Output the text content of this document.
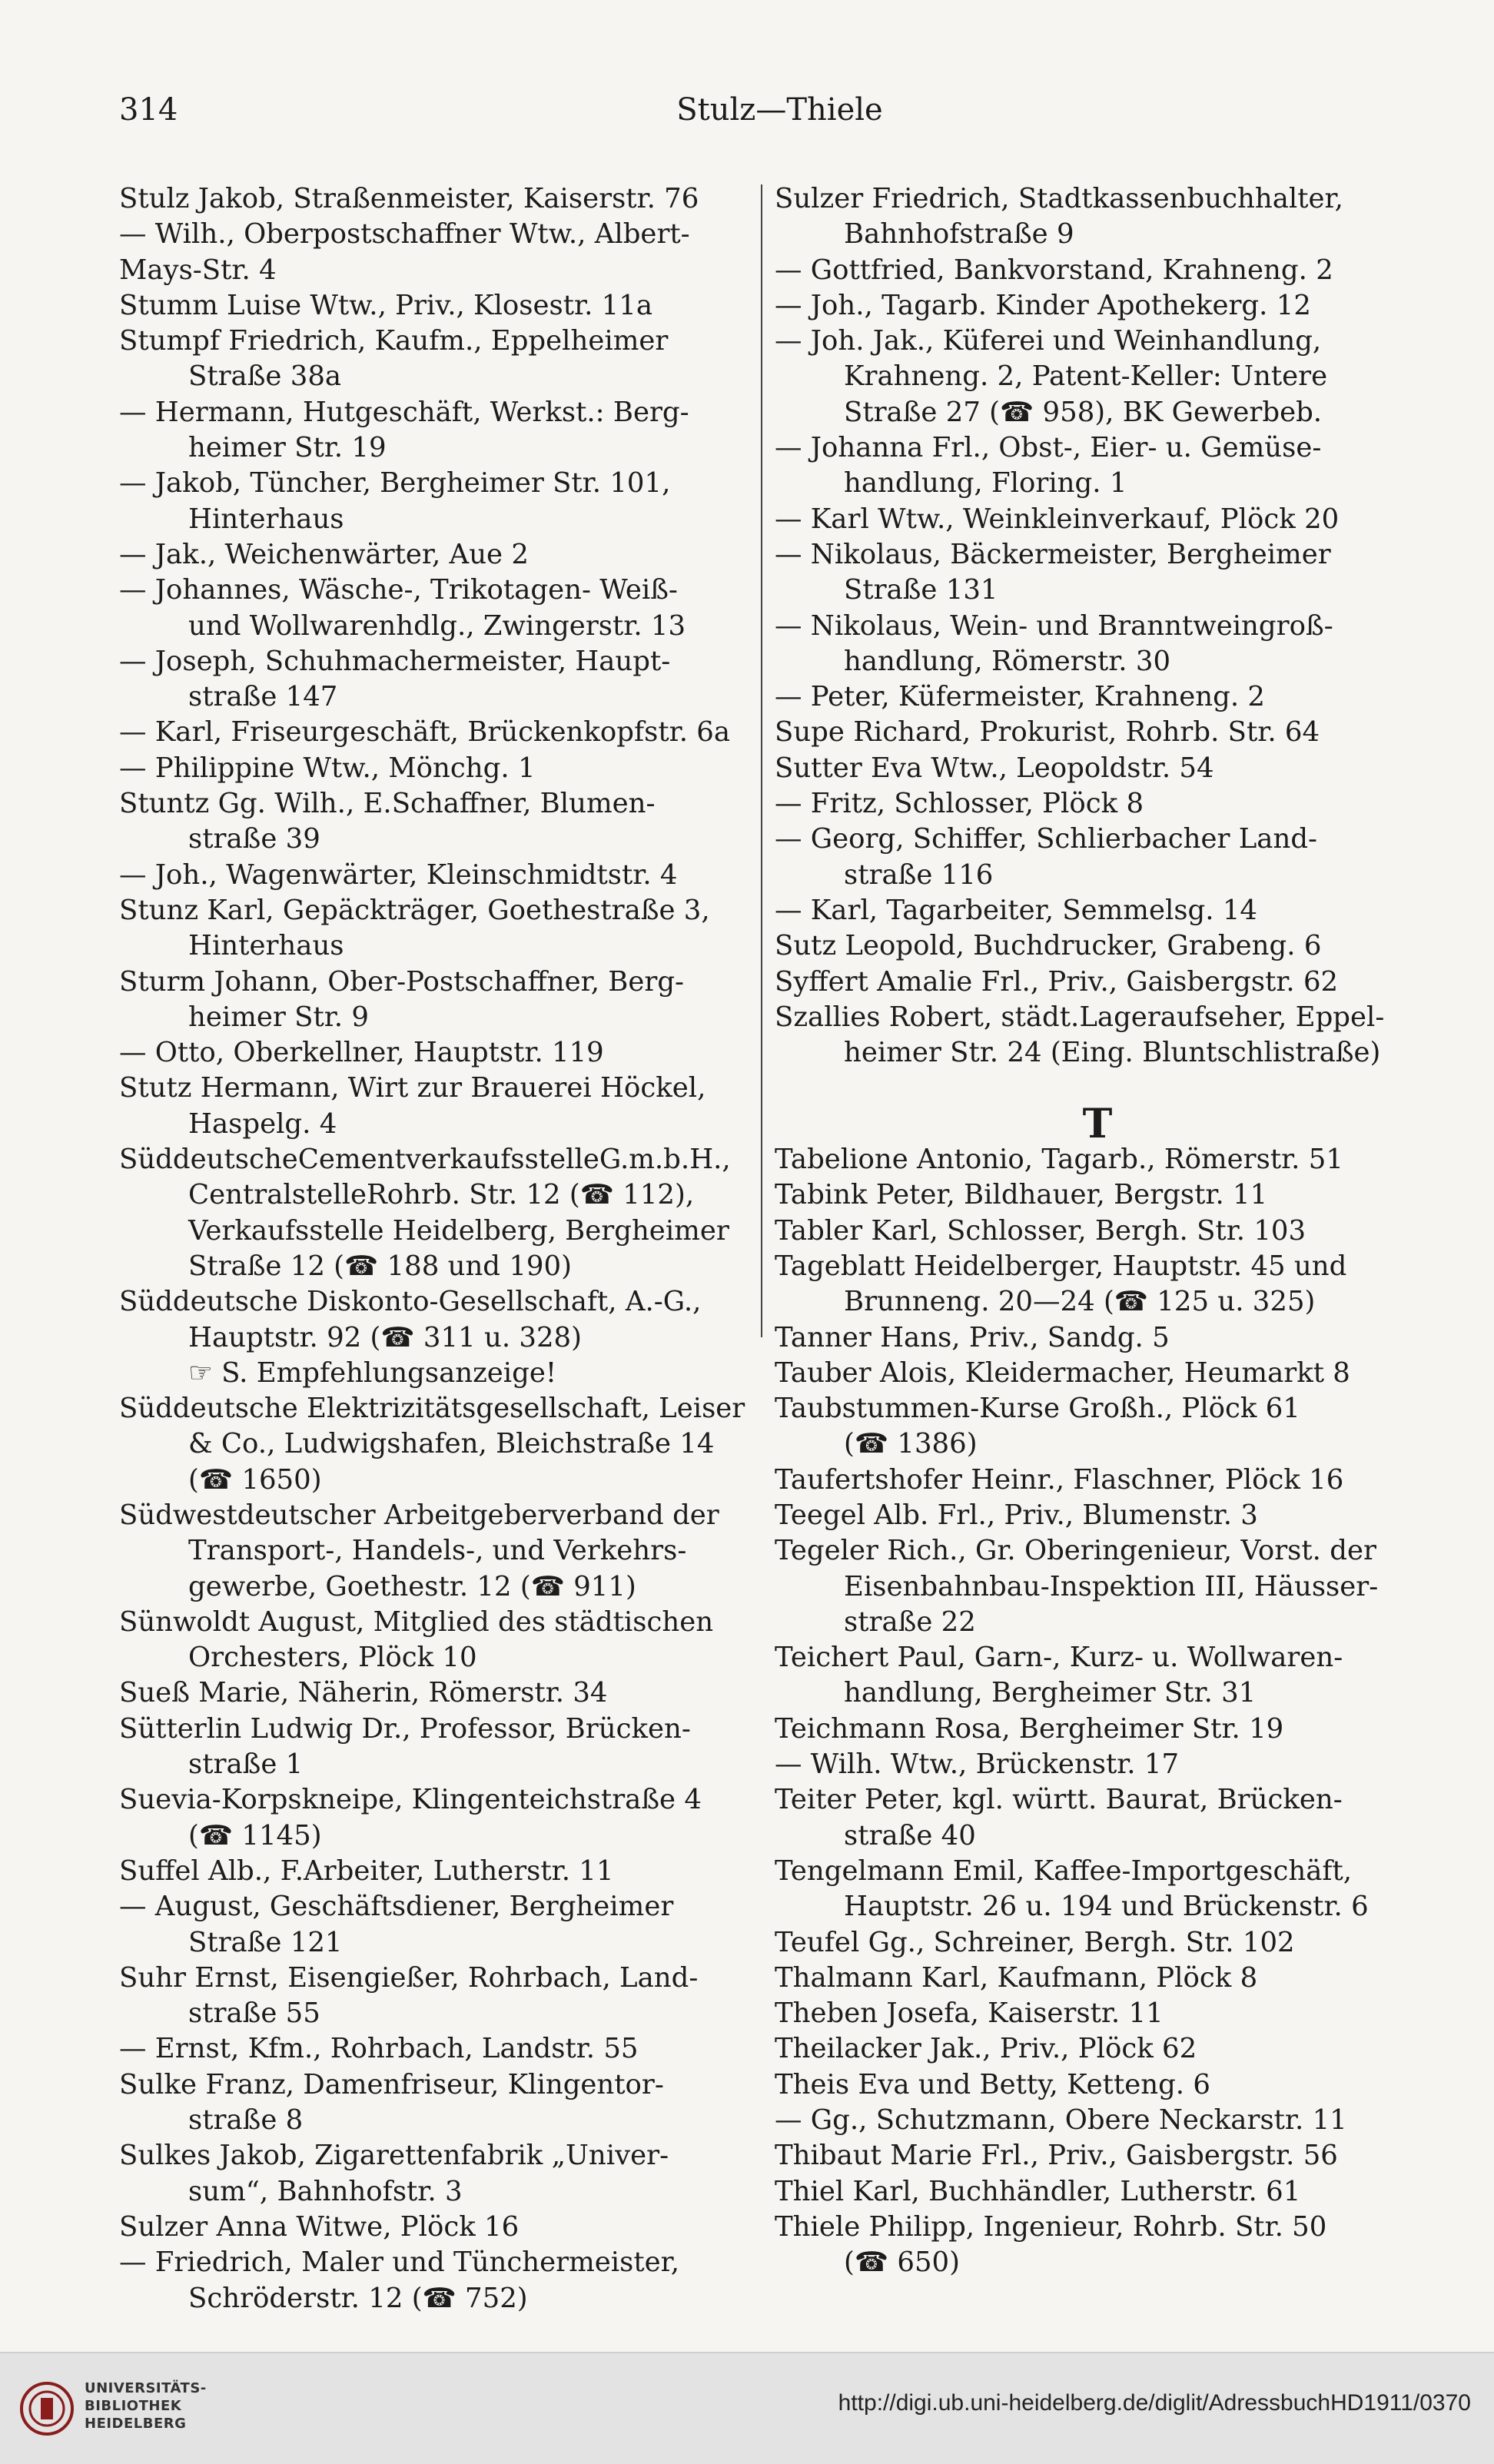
314	Stulz—Thiele
Stulz Jakob, Straßenmeister, Kaiserstr. 76
— Wilh., Oberpostschaffner Wtw., Albert-
Mays-Str. 4
Stumm Luise Wtw., Priv., Klosestr. 11a
Stumpf Friedrich, Kaufm., Eppelheimer
Straße 38a
— Hermann, Hutgeschäft, Werkst.: Berg-
heimer Str. 19
— Jakob, Tüncher, Bergheimer Str. 101,
Hinterhaus
— Jak., Weichenwärter, Aue 2
— Johannes, Wäsche-, Trikotagen- Weiß-
und Wollwarenhdlg., Zwingerstr. 13
— Joseph, Schuhmachermeister, Haupt-
straße 147
— Karl, Friseurgeschäft, Brückenkopfstr. 6a
— Philippine Wtw., Mönchg. 1
Stuntz Gg. Wilh., E.Schaffner, Blumen-
straße 39
— Joh., Wagenwärter, Kleinschmidtstr. 4
Stunz Karl, Gepäckträger, Goethestraße 3,
Hinterhaus
Sturm Johann, Ober-Postschaffner, Berg-
heimer Str. 9
— Otto, Oberkellner, Hauptstr. 119
Stutz Hermann, Wirt zur Brauerei Höckel,
Haspelg. 4
SüddeutscheCementverkaufsstelleG.m.b.H.,
CentralstelleRohrb. Str. 12 (☎ 112),
Verkaufsstelle Heidelberg, Bergheimer
Straße 12 (☎ 188 und 190)
Süddeutsche Diskonto-Gesellschaft, A.-G.,
Hauptstr. 92 (☎ 311 u. 328)
☞ S. Empfehlungsanzeige!
Süddeutsche Elektrizitätsgesellschaft, Leiser
& Co., Ludwigshafen, Bleichstraße 14
(☎ 1650)
Südwestdeutscher Arbeitgeberverband der
Transport-, Handels-, und Verkehrs-
gewerbe, Goethestr. 12 (☎ 911)
Sünwoldt August, Mitglied des städtischen
Orchesters, Plöck 10
Sueß Marie, Näherin, Römerstr. 34
Sütterlin Ludwig Dr., Professor, Brücken-
straße 1
Suevia-Korpskneipe, Klingenteichstraße 4
(☎ 1145)
Suffel Alb., F.Arbeiter, Lutherstr. 11
— August, Geschäftsdiener, Bergheimer
Straße 121
Suhr Ernst, Eisengießer, Rohrbach, Land-
straße 55
— Ernst, Kfm., Rohrbach, Landstr. 55
Sulke Franz, Damenfriseur, Klingentor-
straße 8
Sulkes Jakob, Zigarettenfabrik „Univer-
sum“, Bahnhofstr. 3
Sulzer Anna Witwe, Plöck 16
— Friedrich, Maler und Tünchermeister,
Schröderstr. 12 (☎ 752)
Sulzer Friedrich, Stadtkassenbuchhalter,
Bahnhofstraße 9
— Gottfried, Bankvorstand, Krahneng. 2
— Joh., Tagarb. Kinder Apothekerg. 12
— Joh. Jak., Küferei und Weinhandlung,
Krahneng. 2, Patent-Keller: Untere
Straße 27 (☎ 958), BK Gewerbeb.
— Johanna Frl., Obst-, Eier- u. Gemüse-
handlung, Floring. 1
— Karl Wtw., Weinkleinverkauf, Plöck 20
— Nikolaus, Bäckermeister, Bergheimer
Straße 131
— Nikolaus, Wein- und Branntweingroß-
handlung, Römerstr. 30
— Peter, Küfermeister, Krahneng. 2
Supe Richard, Prokurist, Rohrb. Str. 64
Sutter Eva Wtw., Leopoldstr. 54
— Fritz, Schlosser, Plöck 8
— Georg, Schiffer, Schlierbacher Land-
straße 116
— Karl, Tagarbeiter, Semmelsg. 14
Sutz Leopold, Buchdrucker, Grabeng. 6
Syffert Amalie Frl., Priv., Gaisbergstr. 62
Szallies Robert, städt.Lageraufseher, Eppel-
heimer Str. 24 (Eing. Bluntschlistraße)
T
Tabelione Antonio, Tagarb., Römerstr. 51
Tabink Peter, Bildhauer, Bergstr. 11
Tabler Karl, Schlosser, Bergh. Str. 103
Tageblatt Heidelberger, Hauptstr. 45 und
Brunneng. 20—24 (☎ 125 u. 325)
Tanner Hans, Priv., Sandg. 5
Tauber Alois, Kleidermacher, Heumarkt 8
Taubstummen-Kurse Großh., Plöck 61
(☎ 1386)
Taufertshofer Heinr., Flaschner, Plöck 16
Teegel Alb. Frl., Priv., Blumenstr. 3
Tegeler Rich., Gr. Oberingenieur, Vorst. der
Eisenbahnbau-Inspektion III, Häusser-
straße 22
Teichert Paul, Garn-, Kurz- u. Wollwaren-
handlung, Bergheimer Str. 31
Teichmann Rosa, Bergheimer Str. 19
— Wilh. Wtw., Brückenstr. 17
Teiter Peter, kgl. württ. Baurat, Brücken-
straße 40
Tengelmann Emil, Kaffee-Importgeschäft,
Hauptstr. 26 u. 194 und Brückenstr. 6
Teufel Gg., Schreiner, Bergh. Str. 102
Thalmann Karl, Kaufmann, Plöck 8
Theben Josefa, Kaiserstr. 11
Theilacker Jak., Priv., Plöck 62
Theis Eva und Betty, Ketteng. 6
— Gg., Schutzmann, Obere Neckarstr. 11
Thibaut Marie Frl., Priv., Gaisbergstr. 56
Thiel Karl, Buchhändler, Lutherstr. 61
Thiele Philipp, Ingenieur, Rohrb. Str. 50
(☎ 650)
UNIVERSITÄTS-
BIBLIOTHEK
HEIDELBERG
http://digi.ub.uni-heidelberg.de/diglit/AdressbuchHD1911/0370
